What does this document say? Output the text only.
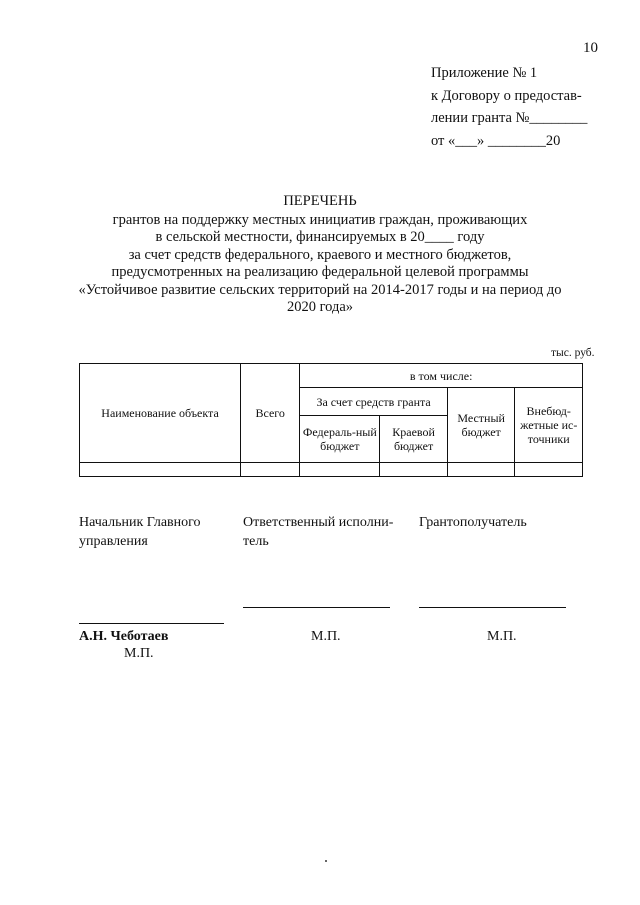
10
Приложение № 1
к Договору о предостав-
лении гранта №________
от «___» ________20
ПЕРЕЧЕНЬ
грантов на поддержку местных инициатив граждан, проживающих
в сельской местности, финансируемых в 20____ году
за счет средств федерального, краевого и местного бюджетов,
предусмотренных на реализацию федеральной целевой программы
«Устойчивое развитие сельских территорий на 2014-2017 годы и на период до
2020 года»
тыс. руб.
Наименование объекта	Всего	в том числе:			
		За счет средств гранта		Местный бюджет	Внебюд-жетные ис-точники
		Федераль-ный бюджет	Краевой бюджет		

Начальник Главного управления
Ответственный исполни-тель
Грантополучатель
А.Н. Чеботаев	М.П.	М.П.
М.П.
